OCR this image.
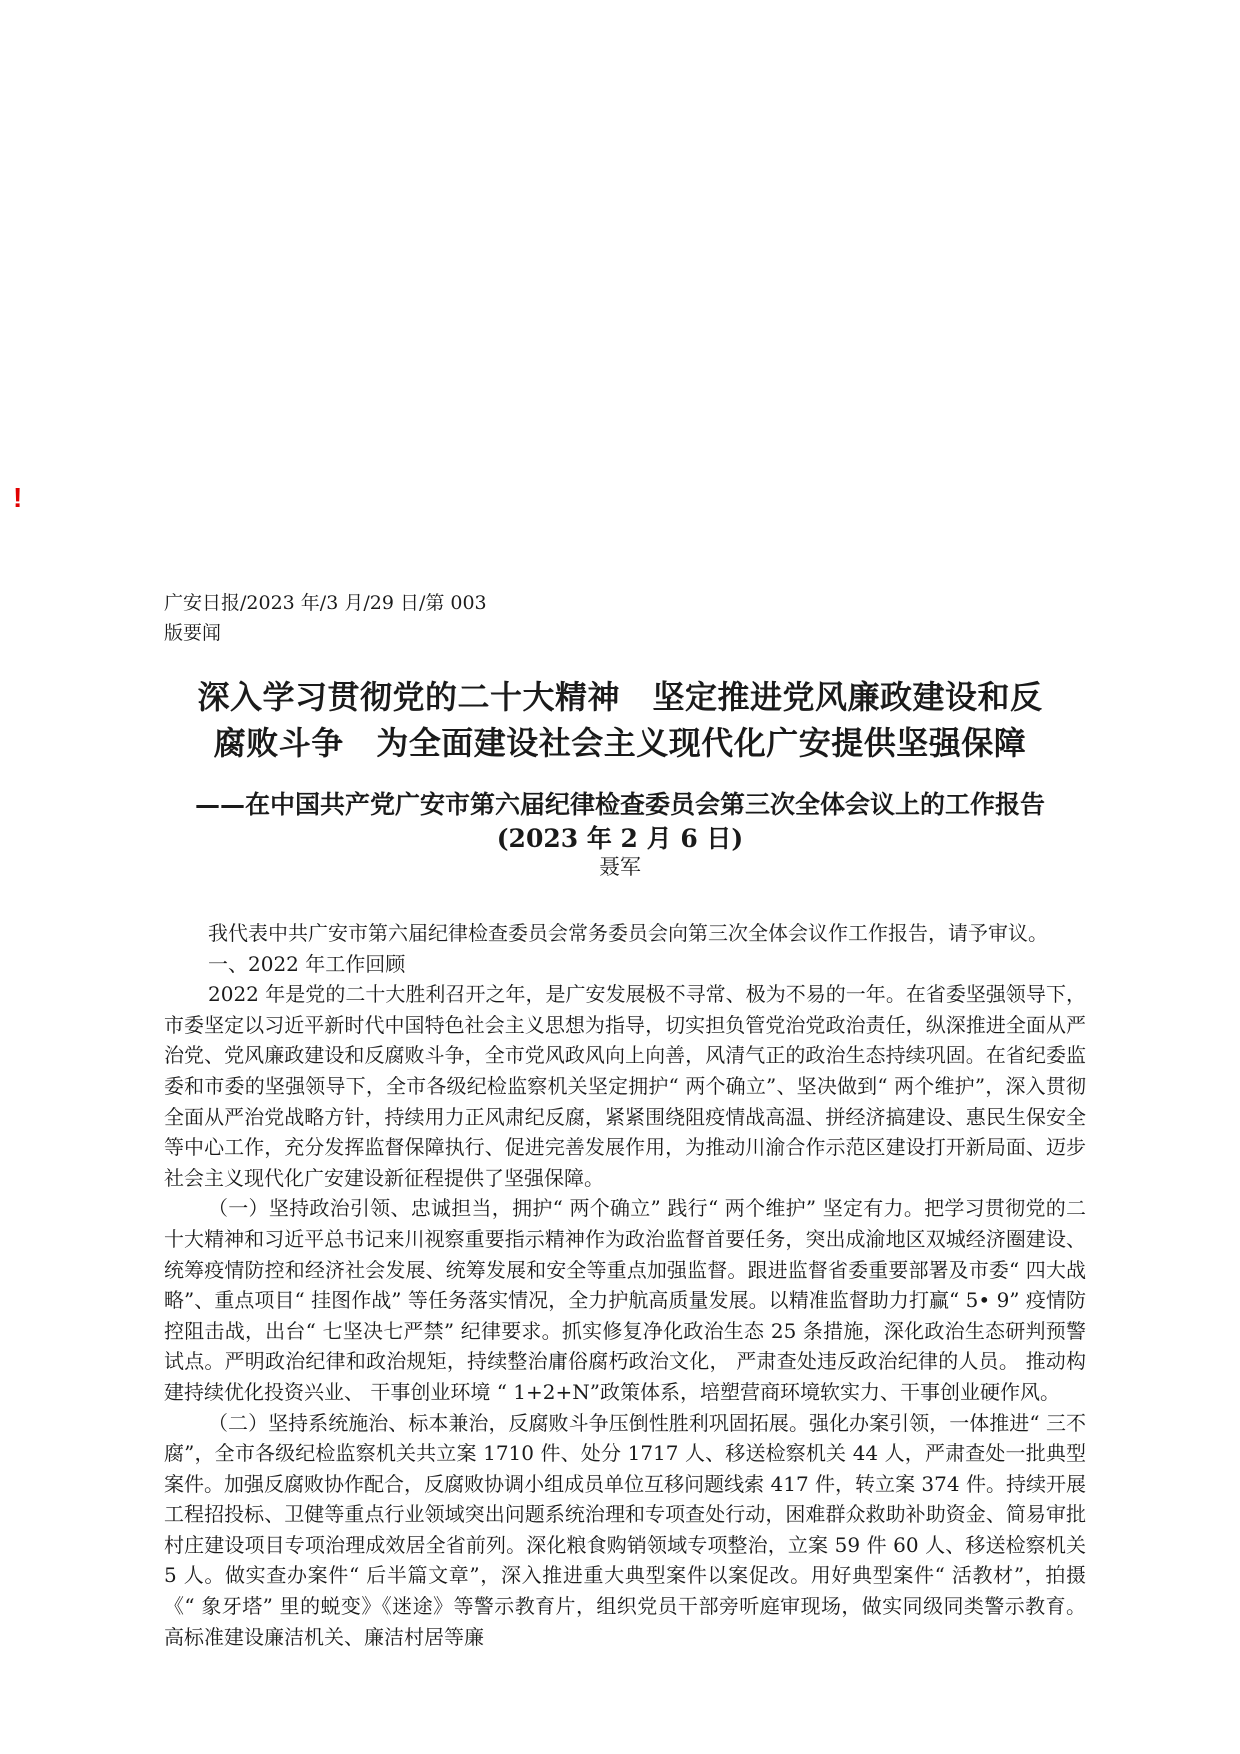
!
广安日报/2023 年/3 月/29 日/第 003
版要闻
深入学习贯彻党的二十大精神　坚定推进党风廉政建设和反
腐败斗争　为全面建设社会主义现代化广安提供坚强保障
——在中国共产党广安市第六届纪律检查委员会第三次全体会议上的工作报告
(2023 年 2 月 6 日)
聂军

我代表中共广安市第六届纪律检查委员会常务委员会向第三次全体会议作工作报告，请予审议。

一、2022 年工作回顾

2022 年是党的二十大胜利召开之年，是广安发展极不寻常、极为不易的一年。在省委坚强领导下，市委坚定以习近平新时代中国特色社会主义思想为指导，切实担负管党治党政治责任，纵深推进全面从严治党、党风廉政建设和反腐败斗争，全市党风政风向上向善，风清气正的政治生态持续巩固。在省纪委监委和市委的坚强领导下，全市各级纪检监察机关坚定拥护“ 两个确立”、坚决做到“ 两个维护”，深入贯彻全面从严治党战略方针，持续用力正风肃纪反腐，紧紧围绕阻疫情战高温、拼经济搞建设、惠民生保安全等中心工作，充分发挥监督保障执行、促进完善发展作用，为推动川渝合作示范区建设打开新局面、迈步社会主义现代化广安建设新征程提供了坚强保障。

（一）坚持政治引领、忠诚担当，拥护“ 两个确立” 践行“ 两个维护” 坚定有力。把学习贯彻党的二十大精神和习近平总书记来川视察重要指示精神作为政治监督首要任务，突出成渝地区双城经济圈建设、统筹疫情防控和经济社会发展、统筹发展和安全等重点加强监督。跟进监督省委重要部署及市委“ 四大战略”、重点项目“ 挂图作战” 等任务落实情况，全力护航高质量发展。以精准监督助力打赢“ 5• 9” 疫情防控阻击战，出台“ 七坚决七严禁” 纪律要求。抓实修复净化政治生态 25 条措施，深化政治生态研判预警试点。严明政治纪律和政治规矩，持续整治庸俗腐朽政治文化， 严肃查处违反政治纪律的人员。 推动构建持续优化投资兴业、 干事创业环境 “ 1+2+N”政策体系，培塑营商环境软实力、干事创业硬作风。

（二）坚持系统施治、标本兼治，反腐败斗争压倒性胜利巩固拓展。强化办案引领，一体推进“ 三不腐”，全市各级纪检监察机关共立案 1710 件、处分 1717 人、移送检察机关 44 人，严肃查处一批典型案件。加强反腐败协作配合，反腐败协调小组成员单位互移问题线索 417 件，转立案 374 件。持续开展工程招投标、卫健等重点行业领域突出问题系统治理和专项查处行动，困难群众救助补助资金、简易审批村庄建设项目专项治理成效居全省前列。深化粮食购销领域专项整治，立案 59 件 60 人、移送检察机关 5 人。做实查办案件“ 后半篇文章”，深入推进重大典型案件以案促改。用好典型案件“ 活教材”，拍摄《“ 象牙塔” 里的蜕变》《迷途》等警示教育片，组织党员干部旁听庭审现场，做实同级同类警示教育。高标准建设廉洁机关、廉洁村居等廉
